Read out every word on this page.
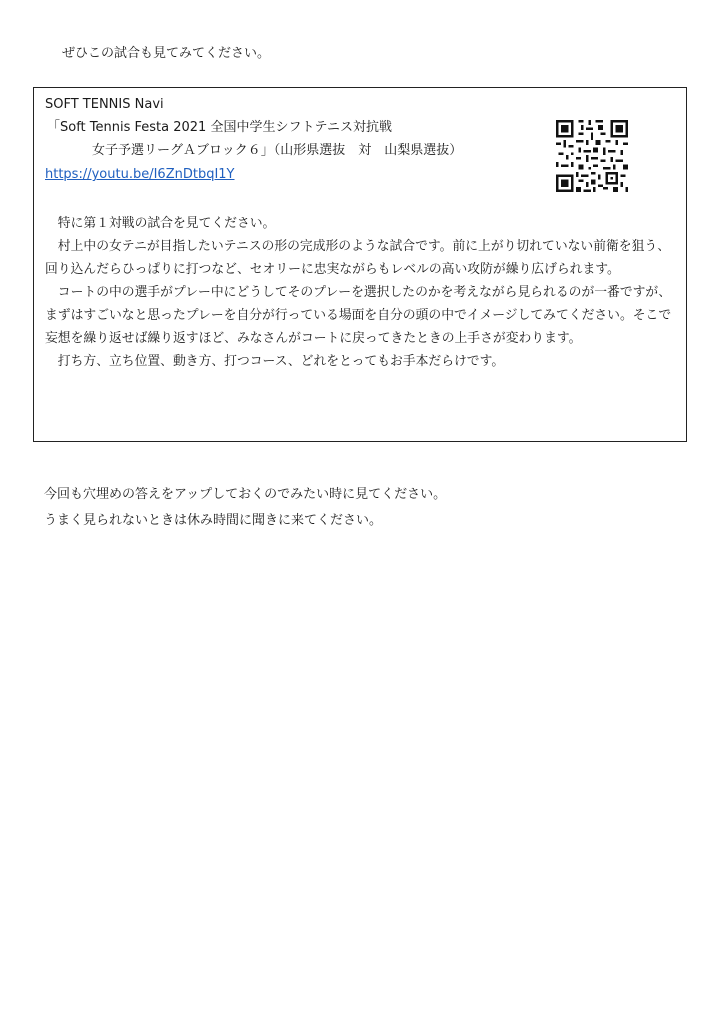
ぜひこの試合も見てみてください。
SOFT TENNIS Navi
「Soft Tennis Festa 2021 全国中学生シフトテニス対抗戦
女子予選リーグＡブロック６」（山形県選抜　対　山梨県選抜）
https://youtu.be/I6ZnDtbqI1Y

特に第１対戦の試合を見てください。

村上中の女テニが目指したいテニスの形の完成形のような試合です。前に上がり切れていない前衛を狙う、回り込んだらひっぱりに打つなど、セオリーに忠実ながらもレベルの高い攻防が繰り広げられます。

コートの中の選手がプレー中にどうしてそのプレーを選択したのかを考えながら見られるのが一番ですが、まずはすごいなと思ったプレーを自分が行っている場面を自分の頭の中でイメージしてみてください。そこで妄想を繰り返せば繰り返すほど、みなさんがコートに戻ってきたときの上手さが変わります。

打ち方、立ち位置、動き方、打つコース、どれをとってもお手本だらけです。

今回も穴埋めの答えをアップしておくのでみたい時に見てください。

うまく見られないときは休み時間に聞きに来てください。
